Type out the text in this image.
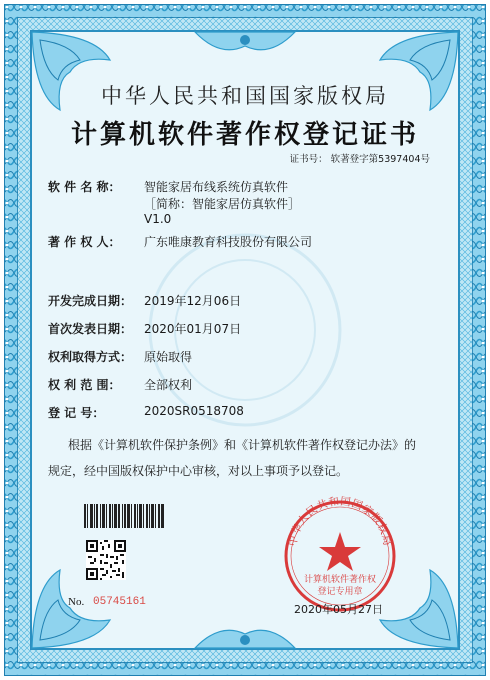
中华人民共和国国家版权局
计算机软件著作权登记证书
证书号： 软著登字第5397404号
软 件 名 称： 智能家居布线系统仿真软件
［简称：智能家居仿真软件］
V1.0
著 作 权 人： 广东唯康教育科技股份有限公司
开发完成日期： 2019年12月06日
首次发表日期： 2020年01月07日
权利取得方式： 原始取得
权 利 范 围： 全部权利
登 记 号：	2020SR0518708
根据《计算机软件保护条例》和《计算机软件著作权登记办法》的
规定，经中国版权保护中心审核，对以上事项予以登记。
No. 05745161
中华人民共和国国家版权局
计算机软件著作权
登记专用章
2020年05月27日
